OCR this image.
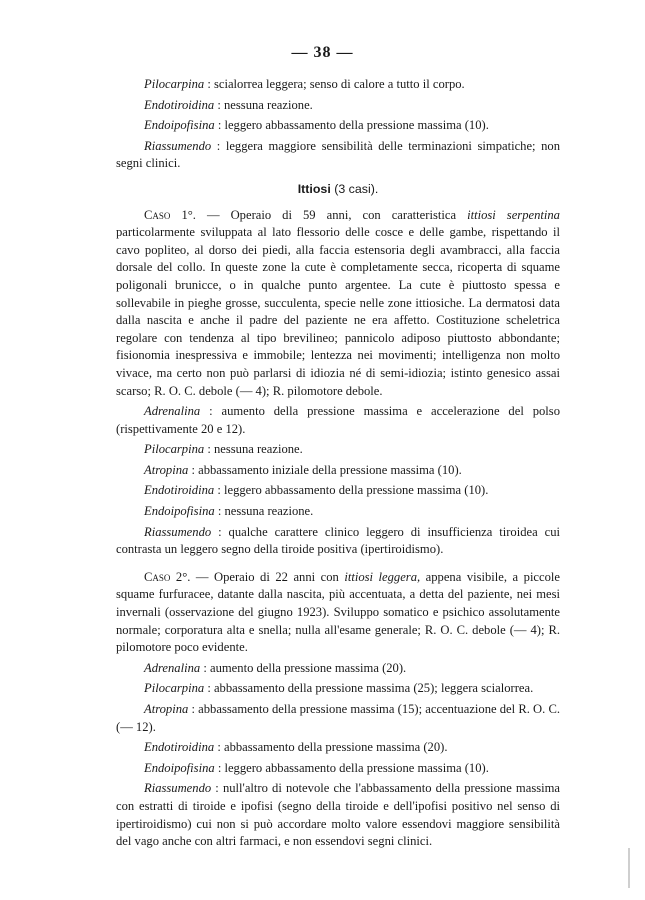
— 38 —

Pilocarpina : scialorrea leggera; senso di calore a tutto il corpo.

Endotiroidina : nessuna reazione.

Endoipofisina : leggero abbassamento della pressione massima (10).

Riassumendo : leggera maggiore sensibilità delle terminazioni simpatiche; non segni clinici.

Ittiosi (3 casi).

Caso 1°. — Operaio di 59 anni, con caratteristica ittiosi serpentina particolarmente sviluppata al lato flessorio delle cosce e delle gambe, rispettando il cavo popliteo, al dorso dei piedi, alla faccia estensoria degli avambracci, alla faccia dorsale del collo. In queste zone la cute è completamente secca, ricoperta di squame poligonali brunicce, o in qualche punto argentee. La cute è piuttosto spessa e sollevabile in pieghe grosse, succulenta, specie nelle zone ittiosiche. La dermatosi data dalla nascita e anche il padre del paziente ne era affetto. Costituzione scheletrica regolare con tendenza al tipo brevilineo; pannicolo adiposo piuttosto abbondante; fisionomia inespressiva e immobile; lentezza nei movimenti; intelligenza non molto vivace, ma certo non può parlarsi di idiozia né di semi-idiozia; istinto genesico assai scarso; R. O. C. debole (— 4); R. pilomotore debole.

Adrenalina : aumento della pressione massima e accelerazione del polso (rispettivamente 20 e 12).

Pilocarpina : nessuna reazione.

Atropina : abbassamento iniziale della pressione massima (10).

Endotiroidina : leggero abbassamento della pressione massima (10).

Endoipofisina : nessuna reazione.

Riassumendo : qualche carattere clinico leggero di insufficienza tiroidea cui contrasta un leggero segno della tiroide positiva (ipertiroidismo).

Caso 2°. — Operaio di 22 anni con ittiosi leggera, appena visibile, a piccole squame furfuracee, datante dalla nascita, più accentuata, a detta del paziente, nei mesi invernali (osservazione del giugno 1923). Sviluppo somatico e psichico assolutamente normale; corporatura alta e snella; nulla all'esame generale; R. O. C. debole (— 4); R. pilomotore poco evidente.

Adrenalina : aumento della pressione massima (20).

Pilocarpina : abbassamento della pressione massima (25); leggera scialorrea.

Atropina : abbassamento della pressione massima (15); accentuazione del R. O. C. (— 12).

Endotiroidina : abbassamento della pressione massima (20).

Endoipofisina : leggero abbassamento della pressione massima (10).

Riassumendo : null'altro di notevole che l'abbassamento della pressione massima con estratti di tiroide e ipofisi (segno della tiroide e dell'ipofisi positivo nel senso di ipertiroidismo) cui non si può accordare molto valore essendovi maggiore sensibilità del vago anche con altri farmaci, e non essendovi segni clinici.
